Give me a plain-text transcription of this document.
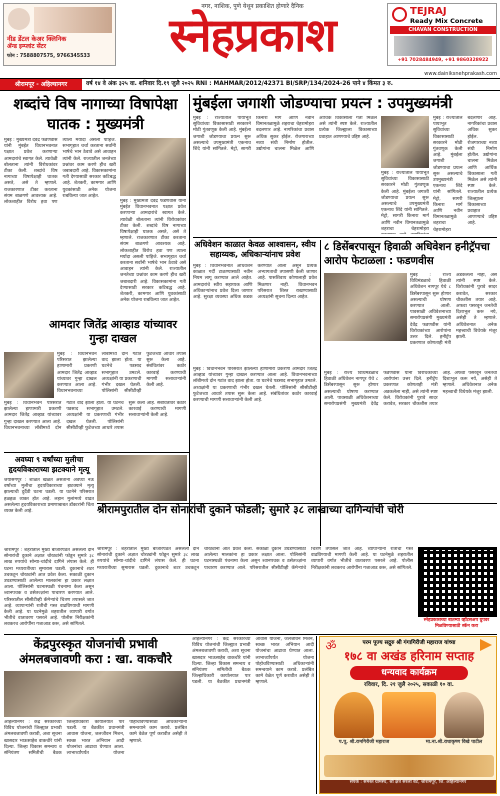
नीड डेंटल केअर क्लिनिक
ॲन्ड इम्प्लांट सेंटर
फोन : 7588807575, 9766345533
नगर, नाशिक, पुणे येथून प्रकाशित होणारे दैनिक
स्नेहप्रकाश	TEJRAJ
Ready Mix Concrete
CHAVAN CONSTRUCTION
+91 7028484949, +91 9860328922
www.dainiksnehprakash.com
श्रीरामपूर - अहिल्यानगर	वर्ष १४ वे अंक ३२५ वा. शनिवार दि.१९ जुलै २०२५ RNI : MAHMAR/2012/42371 BI/SRP/134/2024-26 पाने ४ किंमत ३ रु.
शब्दांचे विष नागाच्या विषापेक्षा घातक : मुख्यमंत्री
मुंबई : मुख्यमंत्री देवेंद्र फडणवीस यांनी मुंबईत विधानभवनात पक्षात प्रवेश करणाऱ्या आमदारांचे स्वागत केले. त्यावेळी बोलताना त्यांनी विरोधकांवर टीका केली. शब्दांचे विष नागाच्या विषापेक्षाही घातक असते, असे ते म्हणाले. राजकारणात टीका करताना संयम बाळगणे आवश्यक आहे. लोकशाहीत विरोध हवा पण त्याला मर्यादा असली पाहिजे. सभागृहात चर्चा करताना सर्वांनी भाषेचे भान ठेवावे असे आवाहन त्यांनी केले. राज्यातील जनतेच्या प्रश्नांवर काम करणे हीच खरी जबाबदारी आहे. विकासकामांना गती देण्यासाठी सरकार कटिबद्ध आहे. शेतकरी, कामगार आणि युवकांसाठी अनेक योजना राबविल्या जात आहेत.
मुंबई : मुख्यमंत्री देवेंद्र फडणवीस यांनी मुंबईत विधानभवनात पक्षात प्रवेश करणाऱ्या आमदारांचे स्वागत केले. त्यावेळी बोलताना त्यांनी विरोधकांवर टीका केली. शब्दांचे विष नागाच्या विषापेक्षाही घातक असते, असे ते म्हणाले. राजकारणात टीका करताना संयम बाळगणे आवश्यक आहे. लोकशाहीत विरोध हवा पण त्याला मर्यादा असली पाहिजे. सभागृहात चर्चा करताना सर्वांनी भाषेचे भान ठेवावे असे आवाहन त्यांनी केले. राज्यातील जनतेच्या प्रश्नांवर काम करणे हीच खरी जबाबदारी आहे. विकासकामांना गती देण्यासाठी सरकार कटिबद्ध आहे. शेतकरी, कामगार आणि युवकांसाठी अनेक योजना राबविल्या जात आहेत.
मुंबईला जगाशी जोडण्याचा प्रयत्न : उपमुख्यमंत्री
मुंबई : राज्यातील पायाभूत सुविधांच्या विकासासाठी सरकारने मोठी गुंतवणूक केली आहे. मुंबईला जगाशी जोडण्याचा प्रयत्न सुरू असल्याचे उपमुख्यमंत्री एकनाथ शिंदे यांनी सांगितले. मेट्रो, सागरी किनारा मार्ग आणि नवीन विमानतळामुळे शहराचा चेहरामोहरा बदलणार आहे. नागरिकांचा प्रवास अधिक सुकर होईल. रोजगाराच्या नव्या संधी निर्माण होतील. उद्योगांना चालना मिळेल आणि आर्थिक विकासाला गती मिळेल असे त्यांनी स्पष्ट केले. राज्यातील प्रत्येक जिल्ह्याला विकासाच्या प्रवाहात आणण्याचे उद्दिष्ट आहे.
मुंबई : राज्यातील पायाभूत सुविधांच्या विकासासाठी सरकारने मोठी गुंतवणूक केली आहे. मुंबईला जगाशी जोडण्याचा प्रयत्न सुरू असल्याचे उपमुख्यमंत्री एकनाथ शिंदे यांनी सांगितले. मेट्रो, सागरी किनारा मार्ग आणि नवीन विमानतळामुळे शहराचा चेहरामोहरा
मुंबई : राज्यातील पायाभूत सुविधांच्या विकासासाठी सरकारने मोठी गुंतवणूक केली आहे. मुंबईला जगाशी जोडण्याचा प्रयत्न सुरू असल्याचे उपमुख्यमंत्री एकनाथ शिंदे यांनी सांगितले. मेट्रो, सागरी किनारा मार्ग आणि नवीन विमानतळामुळे शहराचा चेहरामोहरा बदलणार आहे. नागरिकांचा प्रवास अधिक सुकर होईल. रोजगाराच्या नव्या संधी निर्माण होतील. उद्योगांना चालना मिळेल आणि आर्थिक विकासाला गती मिळेल असे त्यांनी स्पष्ट केले. राज्यातील प्रत्येक जिल्ह्याला विकासाच्या प्रवाहात आणण्याचे उद्दिष्ट आहे.
अधिवेशन काळात केवळ आश्वासन, स्वीय सहाय्यक, अधिकाऱ्यांनाच प्रवेश
मुंबई : विधानभवनात अधिवेशन काळात गर्दी टाळण्यासाठी नवीन नियम लागू करण्यात आले आहेत. आमदारांचे स्वीय सहाय्यक आणि अधिकाऱ्यांनाच प्रवेश दिला जाणार आहे. सुरक्षा व्यवस्था अधिक कडक करण्यात आली असून प्रत्येक अभ्यागताची तपासणी केली जाणार आहे. पासशिवाय कोणालाही प्रवेश मिळणार नाही. विधानभवन परिसरात शिस्त राखण्यासाठी अध्यक्षांनी सूचना दिल्या आहेत.
८ डिसेंबरपासून हिवाळी अधिवेशन हनीट्रॅपचा आरोप फेटाळला : फडणवीस
मुंबई : राज्य विधिमंडळाचे हिवाळी अधिवेशन नागपूर येथे ८ डिसेंबरपासून सुरू होणार असल्याची घोषणा करण्यात आली. पावसाळी अधिवेशनाच्या समारोपप्रसंगी मुख्यमंत्री देवेंद्र फडणवीस यांनी विरोधकांच्या आरोपांना उत्तर दिले. हनीट्रॅप प्रकरणात कोणताही मंत्री अडकलेला नाही, असे त्यांनी स्पष्ट केले. विरोधकांनी पुरावे सादर करावेत, सरकार चौकशीस तयार आहे. अफवा पसरवून जनतेची दिशाभूल करू नये, असेही ते म्हणाले. अधिवेशनात अनेक महत्त्वाची विधेयके मंजूर झाली.
मुंबई : राज्य विधिमंडळाचे हिवाळी अधिवेशन नागपूर येथे ८ डिसेंबरपासून सुरू होणार असल्याची घोषणा करण्यात आली. पावसाळी अधिवेशनाच्या समारोपप्रसंगी मुख्यमंत्री देवेंद्र फडणवीस यांनी विरोधकांच्या आरोपांना उत्तर दिले. हनीट्रॅप प्रकरणात कोणताही मंत्री अडकलेला नाही, असे त्यांनी स्पष्ट केले. विरोधकांनी पुरावे सादर करावेत, सरकार चौकशीस तयार आहे. अफवा पसरवून जनतेची दिशाभूल करू नये, असेही ते म्हणाले. अधिवेशनात अनेक महत्त्वाची विधेयके मंजूर झाली.
आमदार जितेंद्र आव्हाड यांच्यावर गुन्हा दाखल
मुंबई : विधानभवन परिसरात झालेल्या हाणामारी प्रकरणी आमदार जितेंद्र आव्हाड यांच्यावर गुन्हा दाखल करण्यात आला आहे. विधानभवनाच्या लॉबीमध्ये दोन गटांत वाद झाला होता. या घटनेचे पडसाद सभागृहात उमटले. अध्यक्षांनी या प्रकरणाची गंभीर दखल घेतली. पोलिसांनी सीसीटीव्ही फुटेजच्या आधारे तपास सुरू केला आहे. संबंधितांवर कठोर कारवाई करण्याची मागणी सत्ताधाऱ्यांनी केली आहे.
मुंबई : विधानभवन परिसरात झालेल्या हाणामारी प्रकरणी आमदार जितेंद्र आव्हाड यांच्यावर गुन्हा दाखल करण्यात आला आहे. विधानभवनाच्या लॉबीमध्ये दोन गटांत वाद झाला होता. या घटनेचे पडसाद सभागृहात उमटले. अध्यक्षांनी या प्रकरणाची गंभीर दखल घेतली. पोलिसांनी सीसीटीव्ही फुटेजच्या आधारे तपास सुरू केला आहे. संबंधितांवर कठोर कारवाई करण्याची मागणी सत्ताधाऱ्यांनी केली आहे.
मुंबई : विधानभवन परिसरात झालेल्या हाणामारी प्रकरणी आमदार जितेंद्र आव्हाड यांच्यावर गुन्हा दाखल करण्यात आला आहे. विधानभवनाच्या लॉबीमध्ये दोन गटांत वाद झाला होता. या घटनेचे पडसाद सभागृहात उमटले. अध्यक्षांनी या प्रकरणाची गंभीर दखल घेतली. पोलिसांनी सीसीटीव्ही फुटेजच्या आधारे तपास सुरू केला आहे. संबंधितांवर कठोर कारवाई करण्याची मागणी सत्ताधाऱ्यांनी केली आहे.
अवघ्या ९ वर्षांच्या मुलीचा हृदयविकाराच्या झटक्याने मृत्यू
जयसिंगपूर : शाळेत खेळत असताना अवघ्या नऊ वर्षांच्या मुलीचा हृदयविकाराच्या झटक्याने मृत्यू झाल्याची दुर्दैवी घटना घडली. या घटनेने परिसरात हळहळ व्यक्त होत आहे. लहान मुलांमध्ये वाढत असलेल्या हृदयविकाराच्या प्रमाणाबाबत डॉक्टरांनी चिंता व्यक्त केली आहे.	श्रीरामपुरातील दोन सोनारांची दुकाने फोडली; सुमारे ३८ लाखाच्या दागिन्यांची चोरी
श्रीरामपूर : शहरातील मुख्य बाजारपेठेत असलेली दोन सोनारांची दुकाने अज्ञात चोरट्यांनी फोडून सुमारे ३८ लाख रुपयांचे सोन्या-चांदीचे दागिने लंपास केले. ही घटना मध्यरात्रीच्या सुमारास घडली. दुकानाचे शटर उचकटून चोरट्यांनी आत प्रवेश केला. सकाळी दुकान उघडण्यासाठी आलेल्या मालकांना हा प्रकार लक्षात आला. पोलिसांनी घटनास्थळी पंचनामा केला असून श्वानपथक व ठसेतज्ज्ञांना पाचारण करण्यात आले. परिसरातील सीसीटीव्ही कॅमेऱ्यांचे चित्रण तपासले जात आहे. व्यापाऱ्यांनी रात्रीची गस्त वाढविण्याची मागणी केली आहे. या घटनेमुळे शहरातील व्यापारी वर्गात भीतीचे वातावरण पसरले आहे. पोलीस निरीक्षकांनी लवकरच आरोपींना गजाआड करू, असे सांगितले.
श्रीरामपूर : शहरातील मुख्य बाजारपेठेत असलेली दोन सोनारांची दुकाने अज्ञात चोरट्यांनी फोडून सुमारे ३८ लाख रुपयांचे सोन्या-चांदीचे दागिने लंपास केले. ही घटना मध्यरात्रीच्या सुमारास घडली. दुकानाचे शटर उचकटून चोरट्यांनी आत प्रवेश केला. सकाळी दुकान उघडण्यासाठी आलेल्या मालकांना हा प्रकार लक्षात आला. पोलिसांनी घटनास्थळी पंचनामा केला असून श्वानपथक व ठसेतज्ज्ञांना पाचारण करण्यात आले. परिसरातील सीसीटीव्ही कॅमेऱ्यांचे चित्रण तपासले जात आहे. व्यापाऱ्यांनी रात्रीची गस्त वाढविण्याची मागणी केली आहे. या घटनेमुळे शहरातील व्यापारी वर्गात भीतीचे वातावरण पसरले आहे. पोलीस निरीक्षकांनी लवकरच आरोपींना गजाआड करू, असे सांगितले.
स्नेहप्रकाशच्या बातम्या व्हॉटसअप ग्रुपवर मिळविण्यासाठी स्कॅन करा
केंद्रपुरस्कृत योजनांची प्रभावी अंमलबजावणी करा : खा. वाकचौरे
अहिल्यानगर : केंद्र सरकारच्या विविध योजनांची जिल्ह्यात प्रभावी अंमलबजावणी करावी, अशा सूचना खासदार भाऊसाहेब वाकचौरे यांनी दिल्या. जिल्हा विकास समन्वय व संनियंत्रण समितीची बैठक जिल्हाधिकारी कार्यालयात पार पडली. या बैठकीत प्रधानमंत्री आवास योजना, जलजीवन मिशन, स्वच्छ भारत अभियान आदी योजनांचा आढावा घेण्यात आला. लाभार्थ्यांपर्यंत योजना पोहोचविण्यासाठी अधिकाऱ्यांनी समन्वयाने काम करावे. प्रलंबित कामे वेळेत पूर्ण करावीत असेही ते म्हणाले.
अहिल्यानगर : केंद्र सरकारच्या विविध योजनांची जिल्ह्यात प्रभावी अंमलबजावणी करावी, अशा सूचना खासदार भाऊसाहेब वाकचौरे यांनी दिल्या. जिल्हा विकास समन्वय व संनियंत्रण समितीची बैठक जिल्हाधिकारी कार्यालयात पार पडली. या बैठकीत प्रधानमंत्री आवास योजना, जलजीवन मिशन, स्वच्छ भारत अभियान आदी योजनांचा आढावा घेण्यात आला. लाभार्थ्यांपर्यंत योजना पोहोचविण्यासाठी अधिकाऱ्यांनी समन्वयाने काम करावे. प्रलंबित कामे वेळेत पूर्ण करावीत असेही ते म्हणाले.
ॐ	परम पूज्य सद्गुरु श्री गंगागिरीजी महाराज यांच्या
१७८ वा अखंड हरिनाम सप्ताह
धन्यवाद कार्यक्रम
रविवार, दि. २१ जुलै २०२५, सकाळी १० वा.
प.पू. श्री.रामगिरीजी महाराज	मा.ना.श्री.राधाकृष्ण विखे पाटील
संपर्क : समस्त ग्रामस्थ, श्री क्षेत्र सरला बेट, श्रीरामपूर, जि. अहिल्यानगर
